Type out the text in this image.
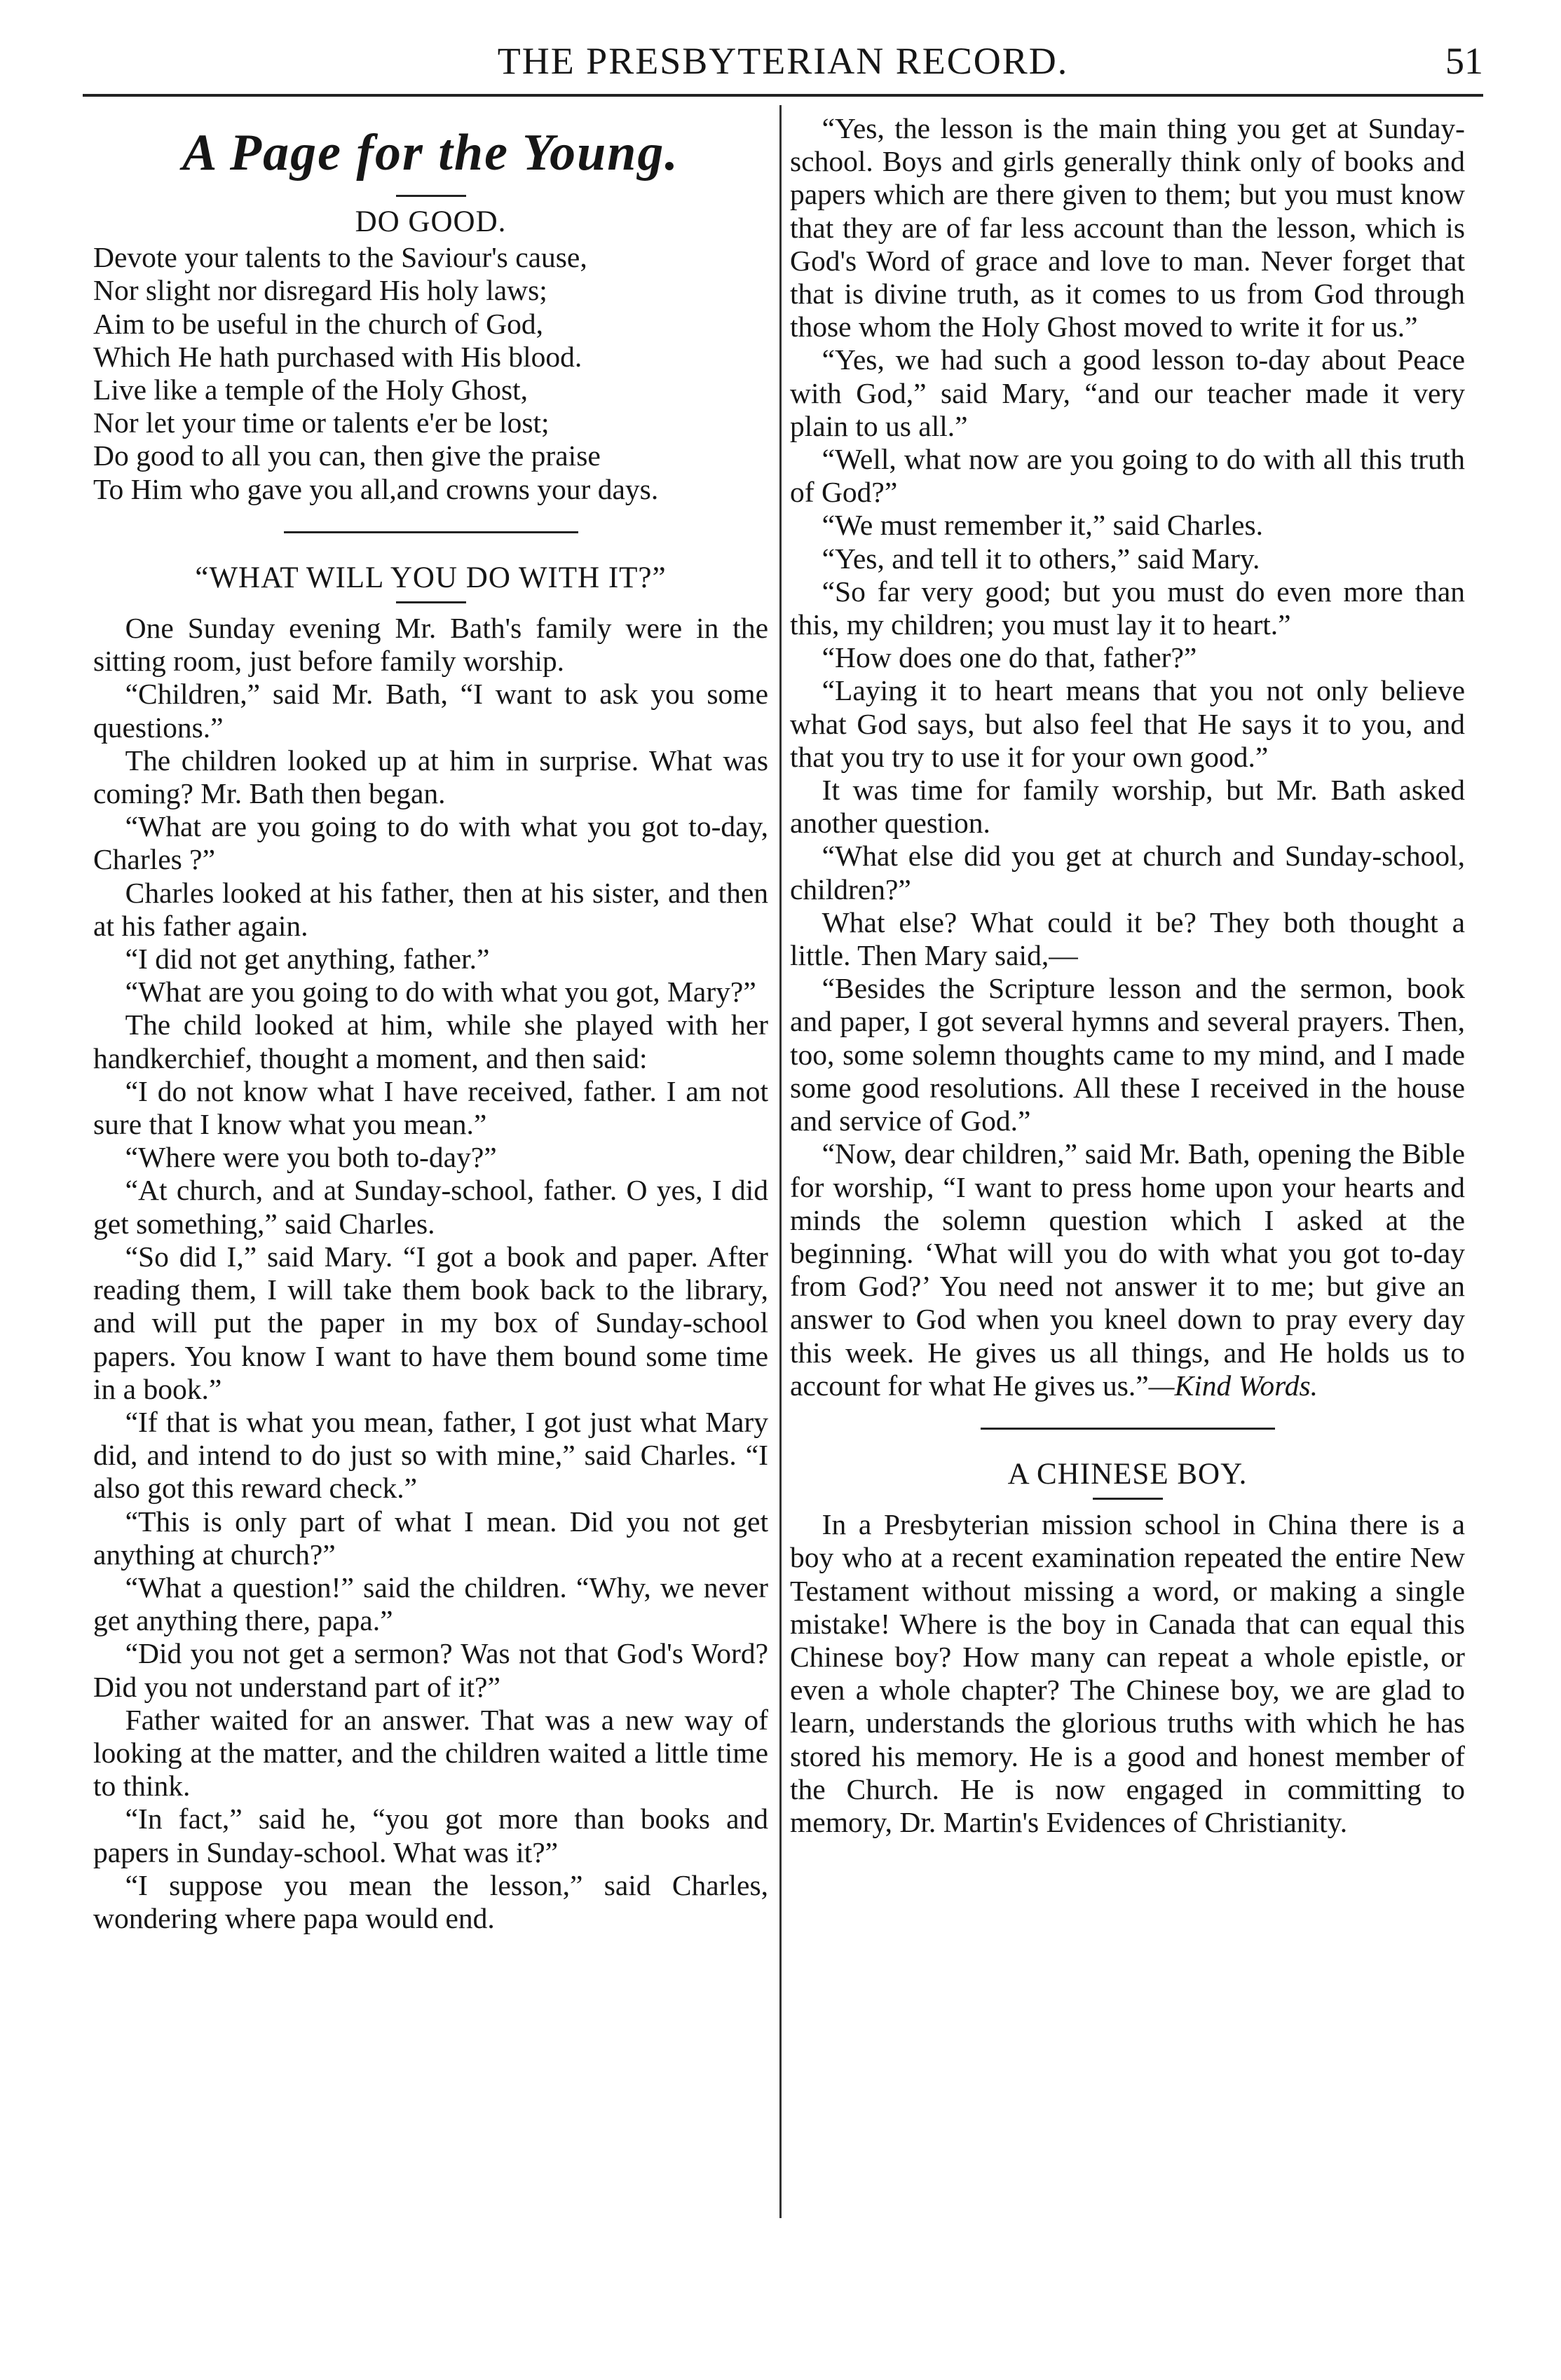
THE PRESBYTERIAN RECORD.	51
A Page for the Young.
DO GOOD.
Devote your talents to the Saviour's cause,
Nor slight nor disregard His holy laws;
Aim to be useful in the church of God,
Which He hath purchased with His blood.
Live like a temple of the Holy Ghost,
Nor let your time or talents e'er be lost;
Do good to all you can, then give the praise
To Him who gave you all,and crowns your days.
“WHAT WILL YOU DO WITH IT?”

One Sunday evening Mr. Bath's family were in the sitting room, just before family worship.

“Children,” said Mr. Bath, “I want to ask you some questions.”

The children looked up at him in surprise. What was coming? Mr. Bath then began.

“What are you going to do with what you got to-day, Charles ?”

Charles looked at his father, then at his sister, and then at his father again.

“I did not get anything, father.”

“What are you going to do with what you got, Mary?”

The child looked at him, while she played with her handkerchief, thought a moment, and then said:

“I do not know what I have received, father. I am not sure that I know what you mean.”

“Where were you both to-day?”

“At church, and at Sunday-school, father. O yes, I did get something,” said Charles.

“So did I,” said Mary. “I got a book and paper. After reading them, I will take them book back to the library, and will put the paper in my box of Sunday-school papers. You know I want to have them bound some time in a book.”

“If that is what you mean, father, I got just what Mary did, and intend to do just so with mine,” said Charles. “I also got this reward check.”

“This is only part of what I mean. Did you not get anything at church?”

“What a question!” said the children. “Why, we never get anything there, papa.”

“Did you not get a sermon? Was not that God's Word? Did you not understand part of it?”

Father waited for an answer. That was a new way of looking at the matter, and the children waited a little time to think.

“In fact,” said he, “you got more than books and papers in Sunday-school. What was it?”

“I suppose you mean the lesson,” said Charles, wondering where papa would end.

“Yes, the lesson is the main thing you get at Sunday-school. Boys and girls generally think only of books and papers which are there given to them; but you must know that they are of far less account than the lesson, which is God's Word of grace and love to man. Never forget that that is divine truth, as it comes to us from God through those whom the Holy Ghost moved to write it for us.”

“Yes, we had such a good lesson to-day about Peace with God,” said Mary, “and our teacher made it very plain to us all.”

“Well, what now are you going to do with all this truth of God?”

“We must remember it,” said Charles.

“Yes, and tell it to others,” said Mary.

“So far very good; but you must do even more than this, my children; you must lay it to heart.”

“How does one do that, father?”

“Laying it to heart means that you not only believe what God says, but also feel that He says it to you, and that you try to use it for your own good.”

It was time for family worship, but Mr. Bath asked another question.

“What else did you get at church and Sunday-school, children?”

What else? What could it be? They both thought a little. Then Mary said,—

“Besides the Scripture lesson and the sermon, book and paper, I got several hymns and several prayers. Then, too, some solemn thoughts came to my mind, and I made some good resolutions. All these I received in the house and service of God.”

“Now, dear children,” said Mr. Bath, opening the Bible for worship, “I want to press home upon your hearts and minds the solemn question which I asked at the beginning. ‘What will you do with what you got to-day from God?’ You need not answer it to me; but give an answer to God when you kneel down to pray every day this week. He gives us all things, and He holds us to account for what He gives us.”—Kind Words.

A CHINESE BOY.

In a Presbyterian mission school in China there is a boy who at a recent examination repeated the entire New Testament without missing a word, or making a single mistake! Where is the boy in Canada that can equal this Chinese boy? How many can repeat a whole epistle, or even a whole chapter? The Chinese boy, we are glad to learn, understands the glorious truths with which he has stored his memory. He is a good and honest member of the Church. He is now engaged in committing to memory, Dr. Martin's Evidences of Christianity.
